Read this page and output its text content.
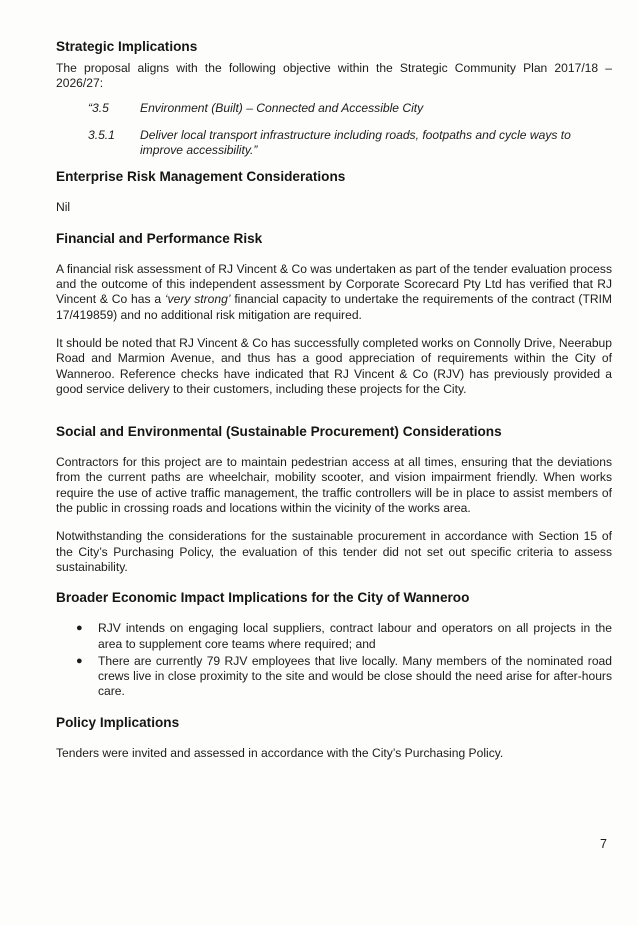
Strategic Implications

The proposal aligns with the following objective within the Strategic Community Plan 2017/18 – 2026/27:

“3.5	Environment (Built) – Connected and Accessible City
3.5.1	Deliver local transport infrastructure including roads, footpaths and cycle ways to improve accessibility.”
Enterprise Risk Management Considerations

Nil

Financial and Performance Risk

A financial risk assessment of RJ Vincent & Co was undertaken as part of the tender evaluation process and the outcome of this independent assessment by Corporate Scorecard Pty Ltd has verified that RJ Vincent & Co has a ‘very strong’ financial capacity to undertake the requirements of the contract (TRIM 17/419859) and no additional risk mitigation are required.

It should be noted that RJ Vincent & Co has successfully completed works on Connolly Drive, Neerabup Road and Marmion Avenue, and thus has a good appreciation of requirements within the City of Wanneroo. Reference checks have indicated that RJ Vincent & Co (RJV) has previously provided a good service delivery to their customers, including these projects for the City.

Social and Environmental (Sustainable Procurement) Considerations

Contractors for this project are to maintain pedestrian access at all times, ensuring that the deviations from the current paths are wheelchair, mobility scooter, and vision impairment friendly. When works require the use of active traffic management, the traffic controllers will be in place to assist members of the public in crossing roads and locations within the vicinity of the works area.

Notwithstanding the considerations for the sustainable procurement in accordance with Section 15 of the City’s Purchasing Policy, the evaluation of this tender did not set out specific criteria to assess sustainability.

Broader Economic Impact Implications for the City of Wanneroo
●	RJV intends on engaging local suppliers, contract labour and operators on all projects in the area to supplement core teams where required; and
●	There are currently 79 RJV employees that live locally. Many members of the nominated road crews live in close proximity to the site and would be close should the need arise for after-hours care.
Policy Implications

Tenders were invited and assessed in accordance with the City’s Purchasing Policy.

7
